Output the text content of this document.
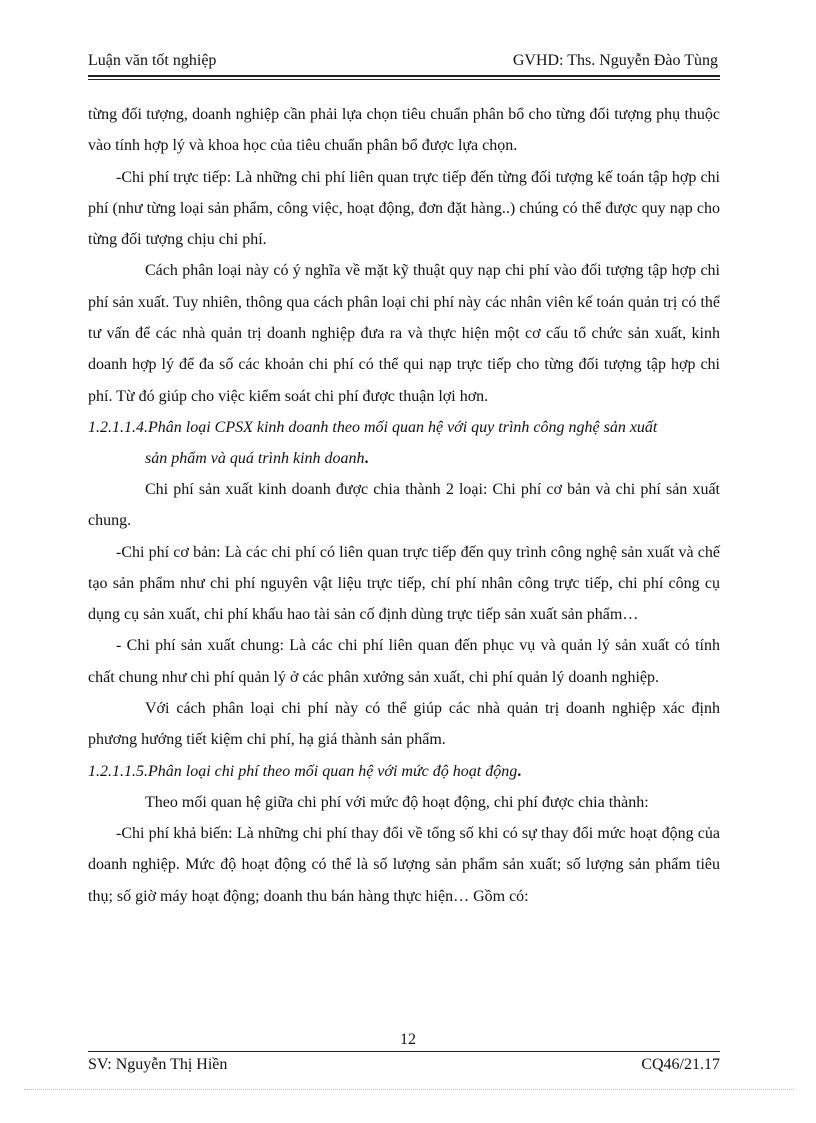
Luận văn tốt nghiệp	GVHD: Ths. Nguyễn Đào Tùng

từng đối tượng, doanh nghiệp cần phải lựa chọn tiêu chuẩn phân bổ cho từng đối tượng phụ thuộc vào tính hợp lý và khoa học của tiêu chuẩn phân bổ được lựa chọn.

-Chi phí trực tiếp: Là những chi phí liên quan trực tiếp đến từng đối tượng kế toán tập hợp chi phí (như từng loại sản phẩm, công việc, hoạt động, đơn đặt hàng..) chúng có thể được quy nạp cho từng đối tượng chịu chi phí.

Cách phân loại này có ý nghĩa về mặt kỹ thuật quy nạp chi phí vào đối tượng tập hợp chi phí sản xuất. Tuy nhiên, thông qua cách phân loại chi phí này các nhân viên kế toán quản trị có thể tư vấn để các nhà quản trị doanh nghiệp đưa ra và thực hiện một cơ cấu tổ chức sản xuất, kinh doanh hợp lý để đa số các khoản chi phí có thể qui nạp trực tiếp cho từng đối tượng tập hợp chi phí. Từ đó giúp cho việc kiểm soát chi phí được thuận lợi hơn.

1.2.1.1.4.Phân loại CPSX kinh doanh theo mối quan hệ với quy trình công nghệ sản xuất
sản phẩm và quá trình kinh doanh.

Chi phí sản xuất kinh doanh được chia thành 2 loại: Chi phí cơ bản và chi phí sản xuất chung.

-Chi phí cơ bản: Là các chi phí có liên quan trực tiếp đến quy trình công nghệ sản xuất và chế tạo sản phẩm như chi phí nguyên vật liệu trực tiếp, chí phí nhân công trực tiếp, chi phí công cụ dụng cụ sản xuất, chi phí khấu hao tài sản cố định dùng trực tiếp sản xuất sản phẩm…

- Chi phí sản xuất chung: Là các chi phí liên quan đến phục vụ và quản lý sản xuất có tính chất chung như chi phí quản lý ở các phân xưởng sản xuất, chi phí quản lý doanh nghiệp.

Với cách phân loại chi phí này có thể giúp các nhà quản trị doanh nghiệp xác định phương hướng tiết kiệm chi phí, hạ giá thành sản phẩm.

1.2.1.1.5.Phân loại chi phí theo mối quan hệ với mức độ hoạt động.

Theo mối quan hệ giữa chi phí với mức độ hoạt động, chi phí được chia thành:

-Chi phí khả biến: Là những chi phí thay đổi về tổng số khi có sự thay đổi mức hoạt động của doanh nghiệp. Mức độ hoạt động có thể là số lượng sản phẩm sản xuất; số lượng sản phẩm tiêu thụ; số giờ máy hoạt động; doanh thu bán hàng thực hiện… Gồm có:

12
SV: Nguyễn Thị Hiền	CQ46/21.17
